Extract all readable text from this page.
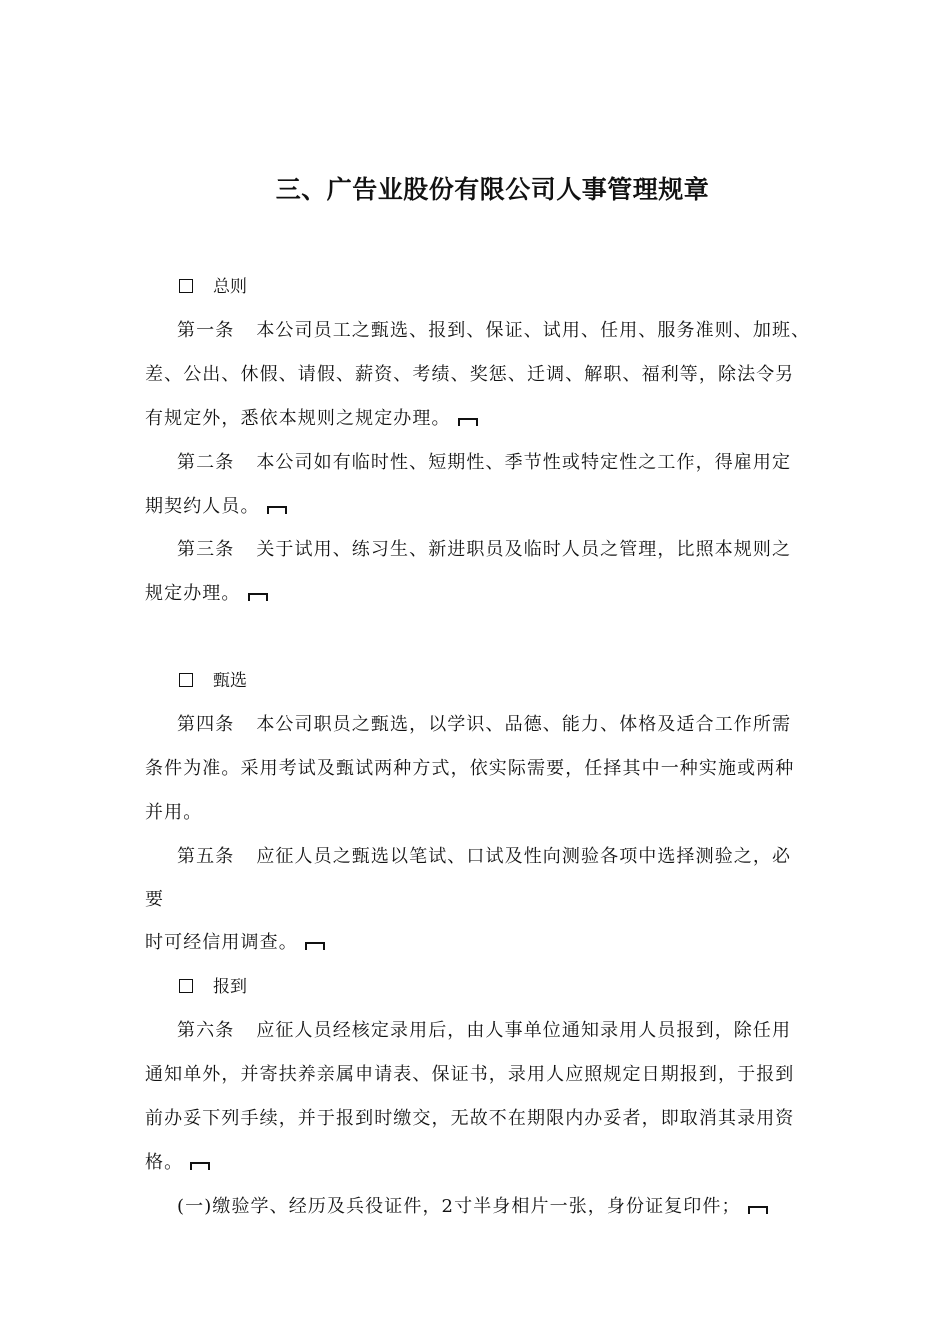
三、广告业股份有限公司人事管理规章
总则
第一条 本公司员工之甄选、报到、保证、试用、任用、服务准则、加班、
差、公出、休假、请假、薪资、考绩、奖惩、迁调、解职、福利等，除法令另
有规定外，悉依本规则之规定办理。
第二条 本公司如有临时性、短期性、季节性或特定性之工作，得雇用定
期契约人员。
第三条 关于试用、练习生、新进职员及临时人员之管理，比照本规则之
规定办理。
甄选
第四条 本公司职员之甄选，以学识、品德、能力、体格及适合工作所需
条件为准。采用考试及甄试两种方式，依实际需要，任择其中一种实施或两种
并用。
第五条 应征人员之甄选以笔试、口试及性向测验各项中选择测验之，必
要
时可经信用调查。
报到
第六条 应征人员经核定录用后，由人事单位通知录用人员报到，除任用
通知单外，并寄扶养亲属申请表、保证书，录用人应照规定日期报到，于报到
前办妥下列手续，并于报到时缴交，无故不在期限内办妥者，即取消其录用资
格。
(一)缴验学、经历及兵役证件，2寸半身相片一张，身份证复印件；
